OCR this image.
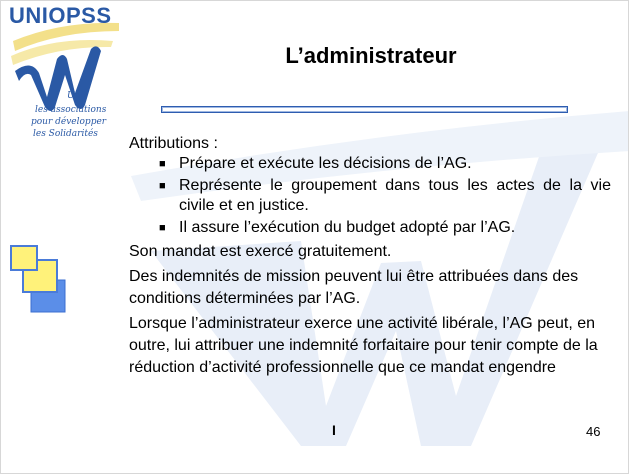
UNIOPSS
Unir
les associations
pour développer
les Solidarités
L’administrateur

Attributions :

■ Prépare et exécute les décisions de l’AG.
■ Représente le groupement dans tous les actes de la vie civile et en justice.
■ Il assure l’exécution du budget adopté par l’AG.

Son mandat est exercé gratuitement.

Des indemnités de mission peuvent lui être attribuées dans des conditions déterminées par l’AG.

Lorsque l’administrateur exerce une activité libérale, l’AG peut, en outre, lui attribuer une indemnité forfaitaire pour tenir compte de la réduction d’activité professionnelle que ce mandat engendre

I	46
